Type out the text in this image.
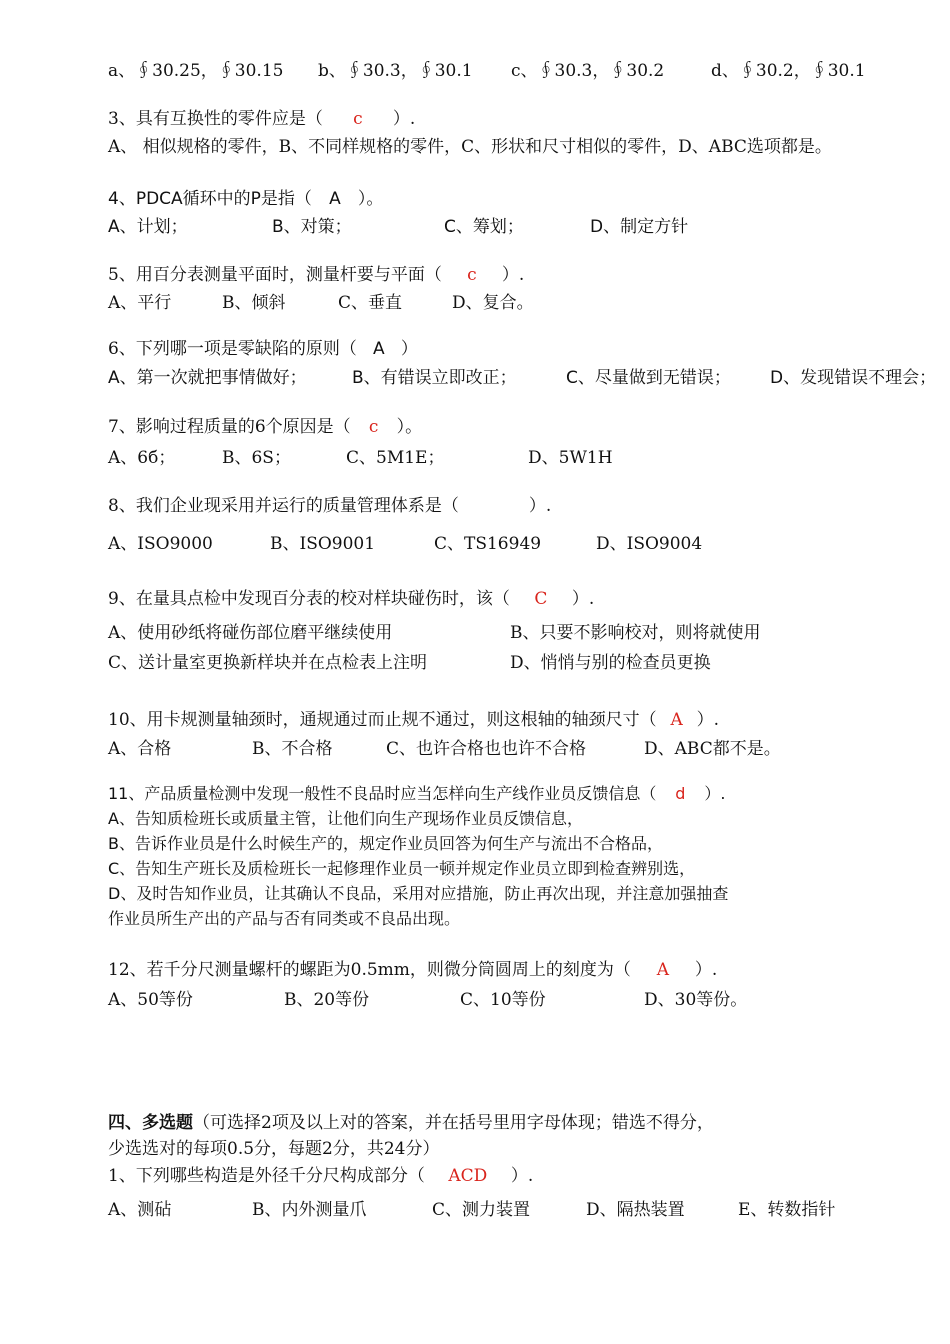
a、∮30.25，∮30.15 b、∮30.3，∮30.1 c、∮30.3，∮30.2	d、∮30.2，∮30.1
3、具有互换性的零件应是（ c ）.
A、 相似规格的零件，B、不同样规格的零件，C、形状和尺寸相似的零件，D、ABC选项都是。
4、PDCA循环中的P是指（ A ）。
A、计划；	B、对策；	C、筹划；	D、制定方针
5、用百分表测量平面时，测量杆要与平面（ c ）.
A、平行	B、倾斜	C、垂直	D、复合。
6、下列哪一项是零缺陷的原则（ A ）
A、第一次就把事情做好；	B、有错误立即改正；	C、尽量做到无错误； D、发现错误不理会；
7、影响过程质量的6个原因是（ c ）。
A、6б；	B、6S；	C、5M1E；	D、5W1H
8、我们企业现采用并运行的质量管理体系是（	）.
A、ISO9000	B、ISO9001	C、TS16949	D、ISO9004
9、在量具点检中发现百分表的校对样块碰伤时，该（ C ）.
A、使用砂纸将碰伤部位磨平继续使用	B、只要不影响校对，则将就使用
C、送计量室更换新样块并在点检表上注明	D、悄悄与别的检查员更换
10、用卡规测量轴颈时，通规通过而止规不通过，则这根轴的轴颈尺寸（ A ）.
A、合格	B、不合格	C、也许合格也也许不合格	D、ABC都不是。
11、产品质量检测中发现一般性不良品时应当怎样向生产线作业员反馈信息（ d ）.
A、告知质检班长或质量主管，让他们向生产现场作业员反馈信息，
B、告诉作业员是什么时候生产的，规定作业员回答为何生产与流出不合格品，
C、告知生产班长及质检班长一起修理作业员一顿并规定作业员立即到检查辨别选，
D、及时告知作业员，让其确认不良品，采用对应措施，防止再次出现，并注意加强抽查
作业员所生产出的产品与否有同类或不良品出现。
12、若千分尺测量螺杆的螺距为0.5mm，则微分筒圆周上的刻度为（ A ）.
A、50等份	B、20等份	C、10等份	D、30等份。
四、多选题（可选择2项及以上对的答案，并在括号里用字母体现；错选不得分，
少选选对的每项0.5分，每题2分，共24分）
1、下列哪些构造是外径千分尺构成部分（ ACD ）.
A、测砧	B、内外测量爪	C、测力装置	D、隔热装置	E、转数指针
